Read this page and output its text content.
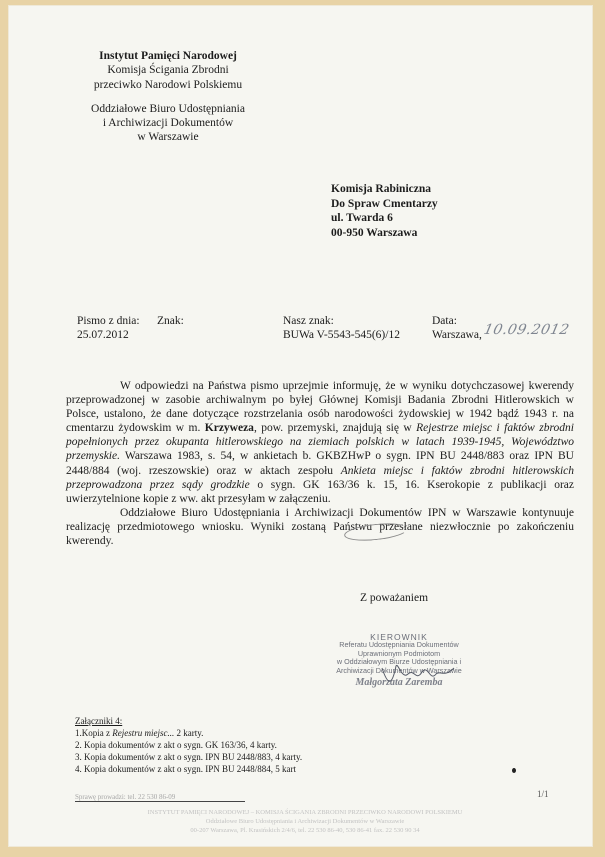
Instytut Pamięci Narodowej
Komisja Ścigania Zbrodni
przeciwko Narodowi Polskiemu
Oddziałowe Biuro Udostępniania
i Archiwizacji Dokumentów
w Warszawie
Komisja Rabiniczna
Do Spraw Cmentarzy
ul. Twarda 6
00-950 Warszawa
Pismo z dnia:
25.07.2012
Znak:	Nasz znak:
BUWa V-5543-545(6)/12
Data:
Warszawa, 10.09.2012

W odpowiedzi na Państwa pismo uprzejmie informuję, że w wyniku dotychczasowej kwerendy przeprowadzonej w zasobie archiwalnym po byłej Głównej Komisji Badania Zbrodni Hitlerowskich w Polsce, ustalono, że dane dotyczące rozstrzelania osób narodowości żydowskiej w 1942 bądź 1943 r. na cmentarzu żydowskim w m. Krzyweza, pow. przemyski, znajdują się w Rejestrze miejsc i faktów zbrodni popełnionych przez okupanta hitlerowskiego na ziemiach polskich w latach 1939-1945, Województwo przemyskie. Warszawa 1983, s. 54, w ankietach b. GKBZHwP o sygn. IPN BU 2448/883 oraz IPN BU 2448/884 (woj. rzeszowskie) oraz w aktach zespołu Ankieta miejsc i faktów zbrodni hitlerowskich przeprowadzona przez sądy grodzkie o sygn. GK 163/36 k. 15, 16. Kserokopie z publikacji oraz uwierzytelnione kopie z ww. akt przesyłam w załączeniu.

Oddziałowe Biuro Udostępniania i Archiwizacji Dokumentów IPN w Warszawie kontynuuje realizację przedmiotowego wniosku. Wyniki zostaną Państwu przesłane niezwłocznie po zakończeniu kwerendy.

Z poważaniem
KIEROWNIK
Referatu Udostępniania Dokumentów
Uprawnionym Podmiotom
w Oddziałowym Biurze Udostępniania i
Archiwizacji Dokumentów w Warszawie
Małgorzata Zaremba
Załączniki 4:
1.Kopia z Rejestru miejsc... 2 karty.
2. Kopia dokumentów z akt o sygn. GK 163/36, 4 karty.
3. Kopia dokumentów z akt o sygn. IPN BU 2448/883, 4 karty.
4. Kopia dokumentów z akt o sygn. IPN BU 2448/884, 5 kart
Sprawę prowadzi: tel. 22 530 86-09	1/1
INSTYTUT PAMIĘCI NARODOWEJ – KOMISJA ŚCIGANIA ZBRODNI PRZECIWKO NARODOWI POLSKIEMU
Oddziałowe Biuro Udostępniania i Archiwizacji Dokumentów w Warszawie
00-207 Warszawa, Pl. Krasińskich 2/4/6, tel. 22 530 86-40, 530 86-41 fax. 22 530 90 34
